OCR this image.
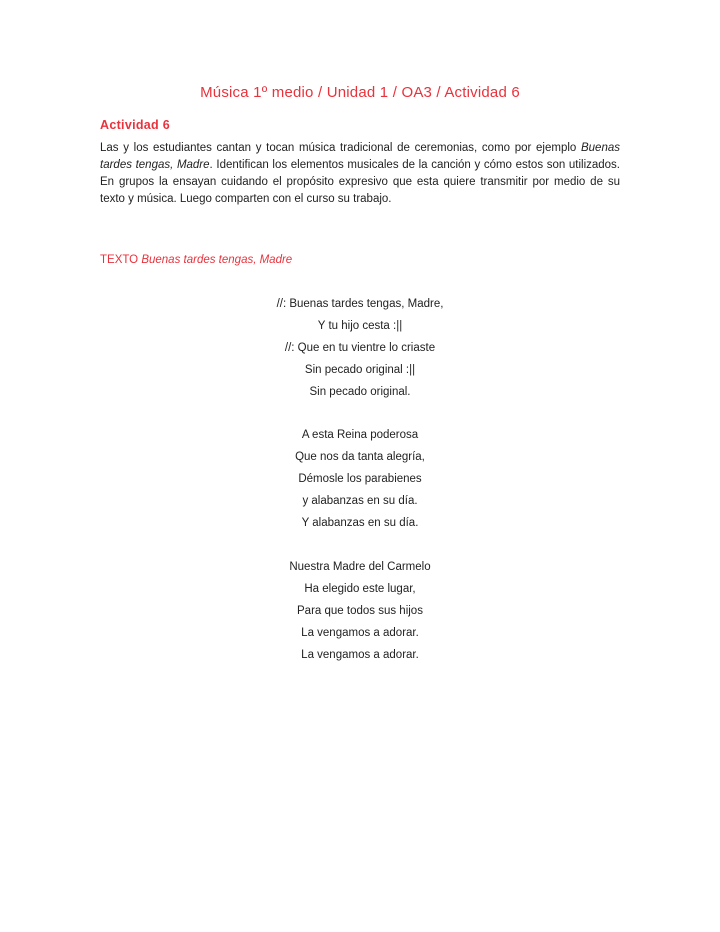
Música 1º medio / Unidad 1 / OA3 / Actividad 6
Actividad 6

Las y los estudiantes cantan y tocan música tradicional de ceremonias, como por ejemplo Buenas tardes tengas, Madre. Identifican los elementos musicales de la canción y cómo estos son utilizados. En grupos la ensayan cuidando el propósito expresivo que esta quiere transmitir por medio de su texto y música. Luego comparten con el curso su trabajo.

TEXTO Buenas tardes tengas, Madre
//: Buenas tardes tengas, Madre,
Y tu hijo cesta :||
//: Que en tu vientre lo criaste
Sin pecado original :||
Sin pecado original.
A esta Reina poderosa
Que nos da tanta alegría,
Démosle los parabienes
y alabanzas en su día.
Y alabanzas en su día.
Nuestra Madre del Carmelo
Ha elegido este lugar,
Para que todos sus hijos
La vengamos a adorar.
La vengamos a adorar.
